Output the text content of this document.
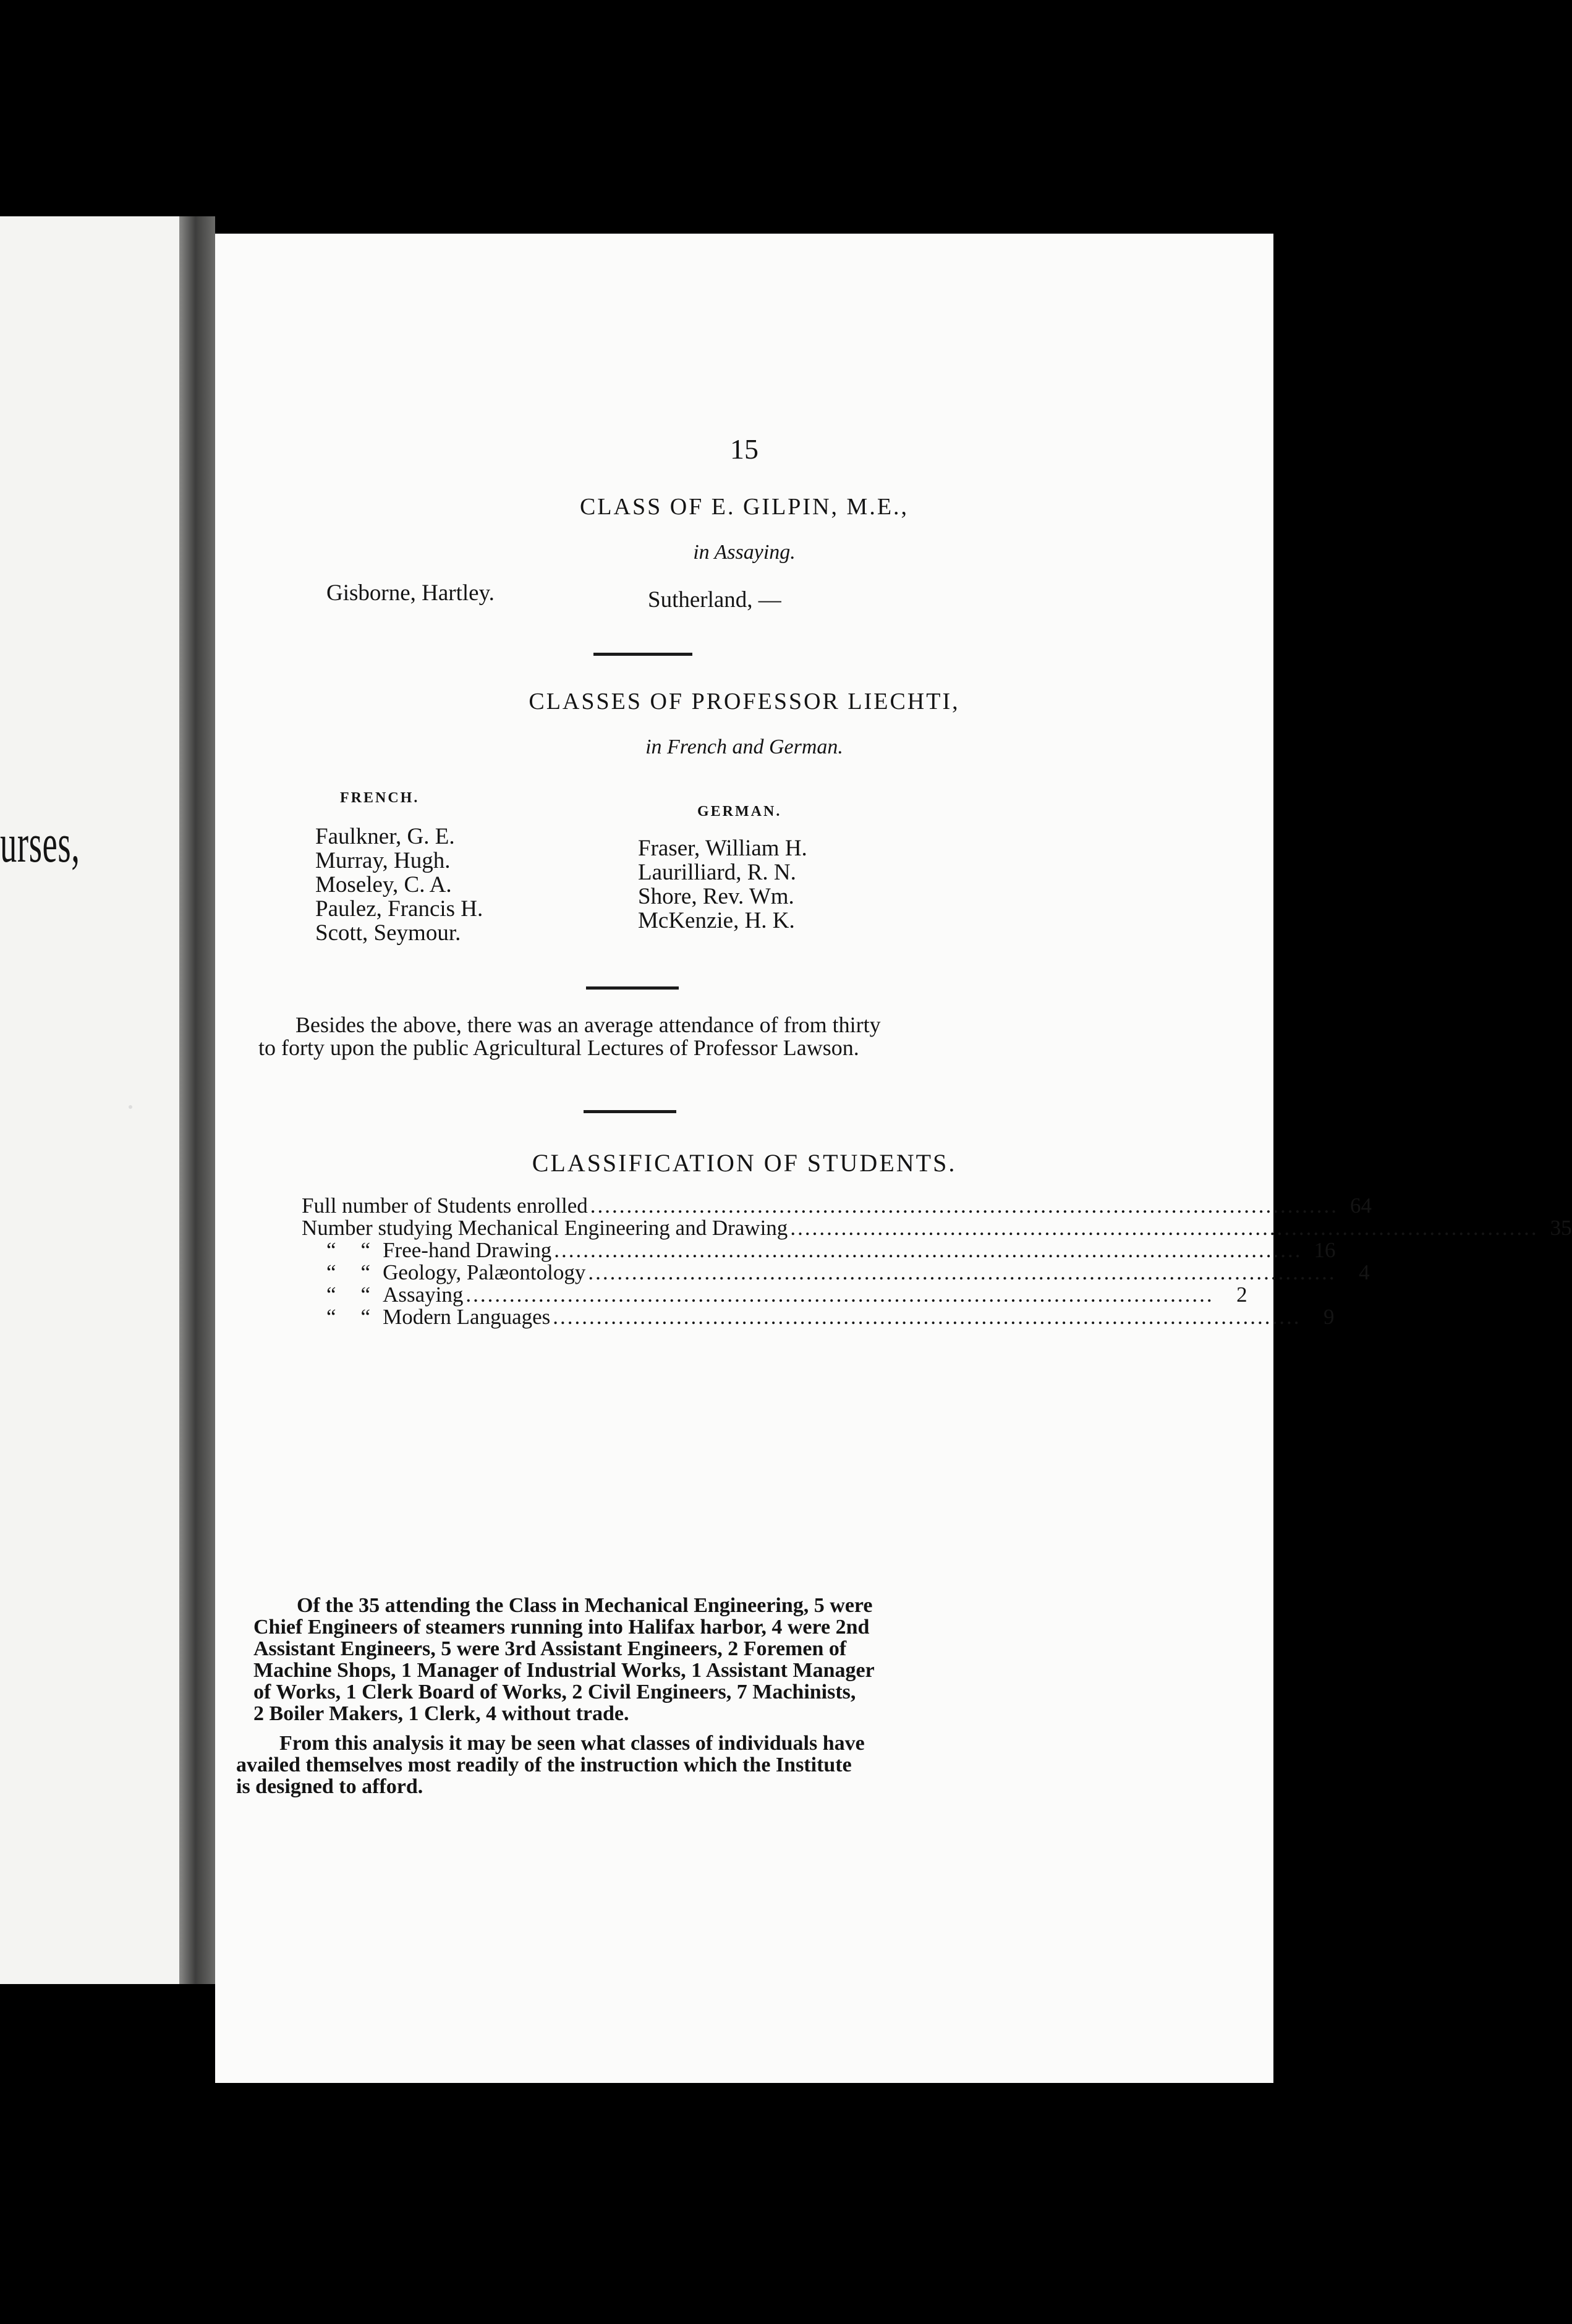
urses,
15
CLASS OF E. GILPIN, M.E.,
in Assaying.
Gisborne, Hartley.	Sutherland, —
CLASSES OF PROFESSOR LIECHTI,
in French and German.
FRENCH.
GERMAN.
Faulkner, G. E.
Murray, Hugh.
Moseley, C. A.
Paulez, Francis H.
Scott, Seymour.
Fraser, William H.
Laurilliard, R. N.
Shore, Rev. Wm.
McKenzie, H. K.
Besides the above, there was an average attendance of from thirty
to forty upon the public Agricultural Lectures of Professor Lawson.
CLASSIFICATION OF STUDENTS.
Full number of Students enrolled ....................................................................................................... 64
Number studying Mechanical Engineering and Drawing ....................................................................................................... 35
“ “ Free-hand Drawing ....................................................................................................... 16
“ “ Geology, Palæontology .......................................................................................................	4
“ “ Assaying .......................................................................................................	2
“ “ Modern Languages .......................................................................................................	9
Of the 35 attending the Class in Mechanical Engineering, 5 were
Chief Engineers of steamers running into Halifax harbor, 4 were 2nd
Assistant Engineers, 5 were 3rd Assistant Engineers, 2 Foremen of
Machine Shops, 1 Manager of Industrial Works, 1 Assistant Manager
of Works, 1 Clerk Board of Works, 2 Civil Engineers, 7 Machinists,
2 Boiler Makers, 1 Clerk, 4 without trade.
From this analysis it may be seen what classes of individuals have
availed themselves most readily of the instruction which the Institute
is designed to afford.
